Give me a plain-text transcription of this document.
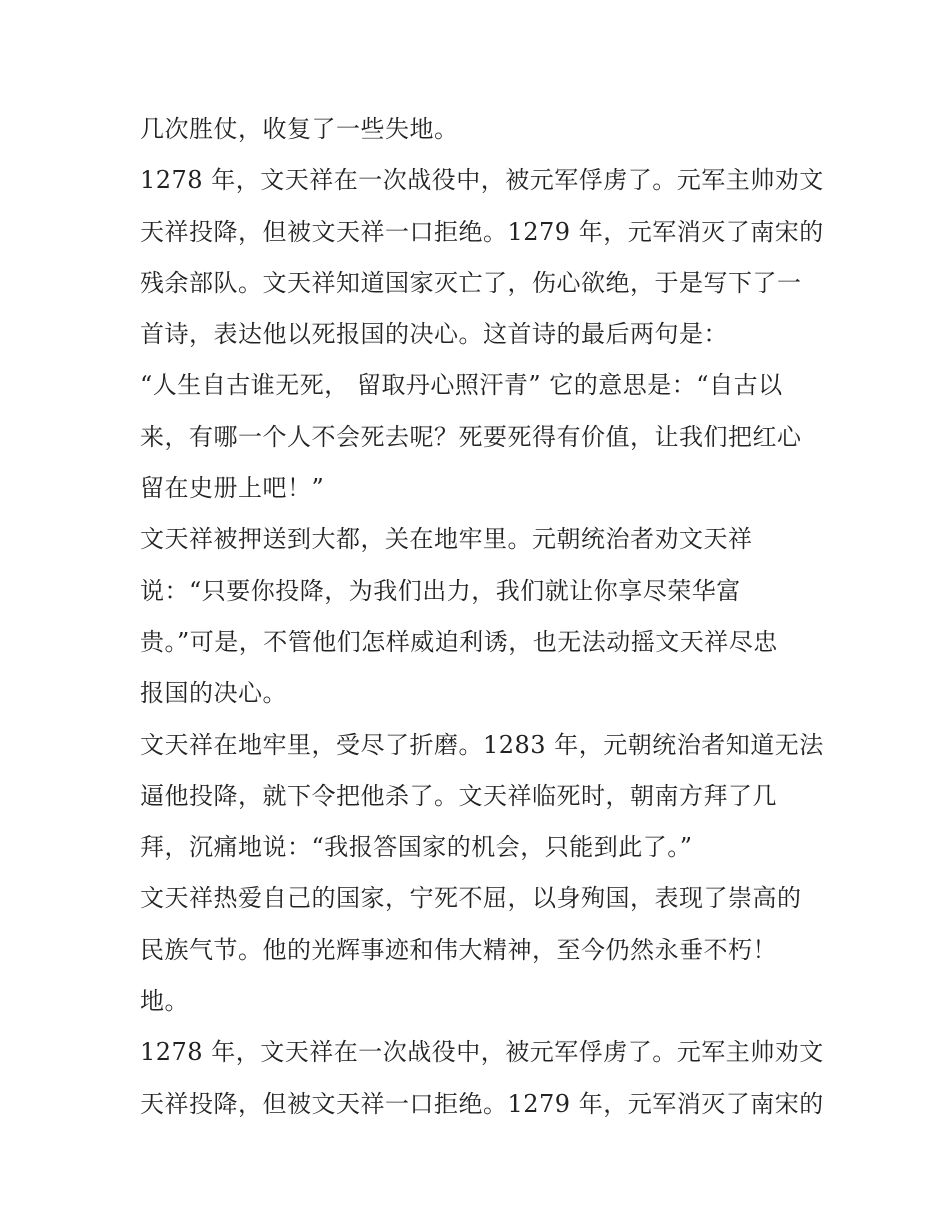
几次胜仗，收复了一些失地。
1278 年，文天祥在一次战役中，被元军俘虏了。元军主帅劝文
天祥投降，但被文天祥一口拒绝。1279 年，元军消灭了南宋的
残余部队。文天祥知道国家灭亡了，伤心欲绝，于是写下了一
首诗，表达他以死报国的决心。这首诗的最后两句是：
“人生自古谁无死， 留取丹心照汗青” 它的意思是：“自古以
来，有哪一个人不会死去呢？死要死得有价值，让我们把红心
留在史册上吧！”
文天祥被押送到大都，关在地牢里。元朝统治者劝文天祥
说：“只要你投降，为我们出力，我们就让你享尽荣华富
贵。”可是，不管他们怎样威迫利诱，也无法动摇文天祥尽忠
报国的决心。
文天祥在地牢里，受尽了折磨。1283 年，元朝统治者知道无法
逼他投降，就下令把他杀了。文天祥临死时，朝南方拜了几
拜，沉痛地说：“我报答国家的机会，只能到此了。”
文天祥热爱自己的国家，宁死不屈，以身殉国，表现了崇高的
民族气节。他的光辉事迹和伟大精神，至今仍然永垂不朽！
地。
1278 年，文天祥在一次战役中，被元军俘虏了。元军主帅劝文
天祥投降，但被文天祥一口拒绝。1279 年，元军消灭了南宋的
